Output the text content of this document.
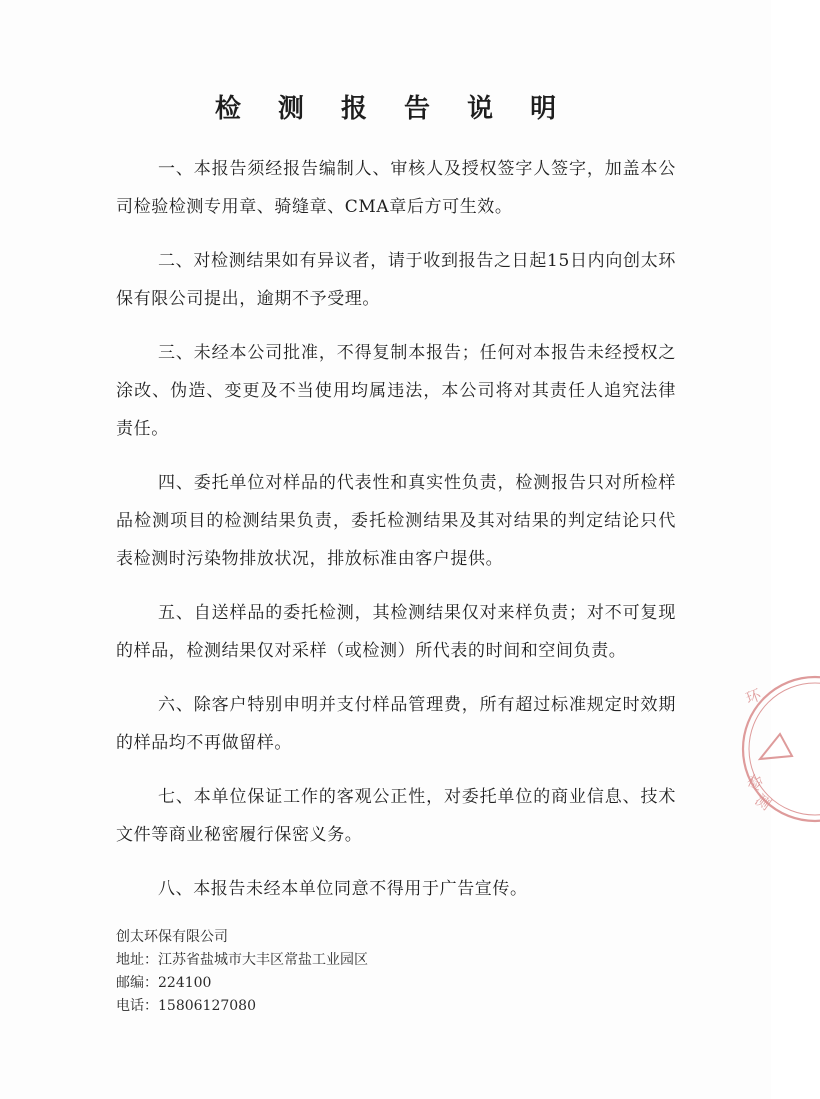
检 测 报 告 说 明

一、本报告须经报告编制人、审核人及授权签字人签字，加盖本公司检验检测专用章、骑缝章、CMA章后方可生效。

二、对检测结果如有异议者，请于收到报告之日起15日内向创太环保有限公司提出，逾期不予受理。

三、未经本公司批准，不得复制本报告；任何对本报告未经授权之涂改、伪造、变更及不当使用均属违法，本公司将对其责任人追究法律责任。

四、委托单位对样品的代表性和真实性负责，检测报告只对所检样品检测项目的检测结果负责，委托检测结果及其对结果的判定结论只代表检测时污染物排放状况，排放标准由客户提供。

五、自送样品的委托检测，其检测结果仅对来样负责；对不可复现的样品，检测结果仅对采样（或检测）所代表的时间和空间负责。

六、除客户特别申明并支付样品管理费，所有超过标准规定时效期的样品均不再做留样。

七、本单位保证工作的客观公正性，对委托单位的商业信息、技术文件等商业秘密履行保密义务。

八、本报告未经本单位同意不得用于广告宣传。

创太环保有限公司
地址：江苏省盐城市大丰区常盐工业园区
邮编：224100
电话：15806127080
环
检
测
